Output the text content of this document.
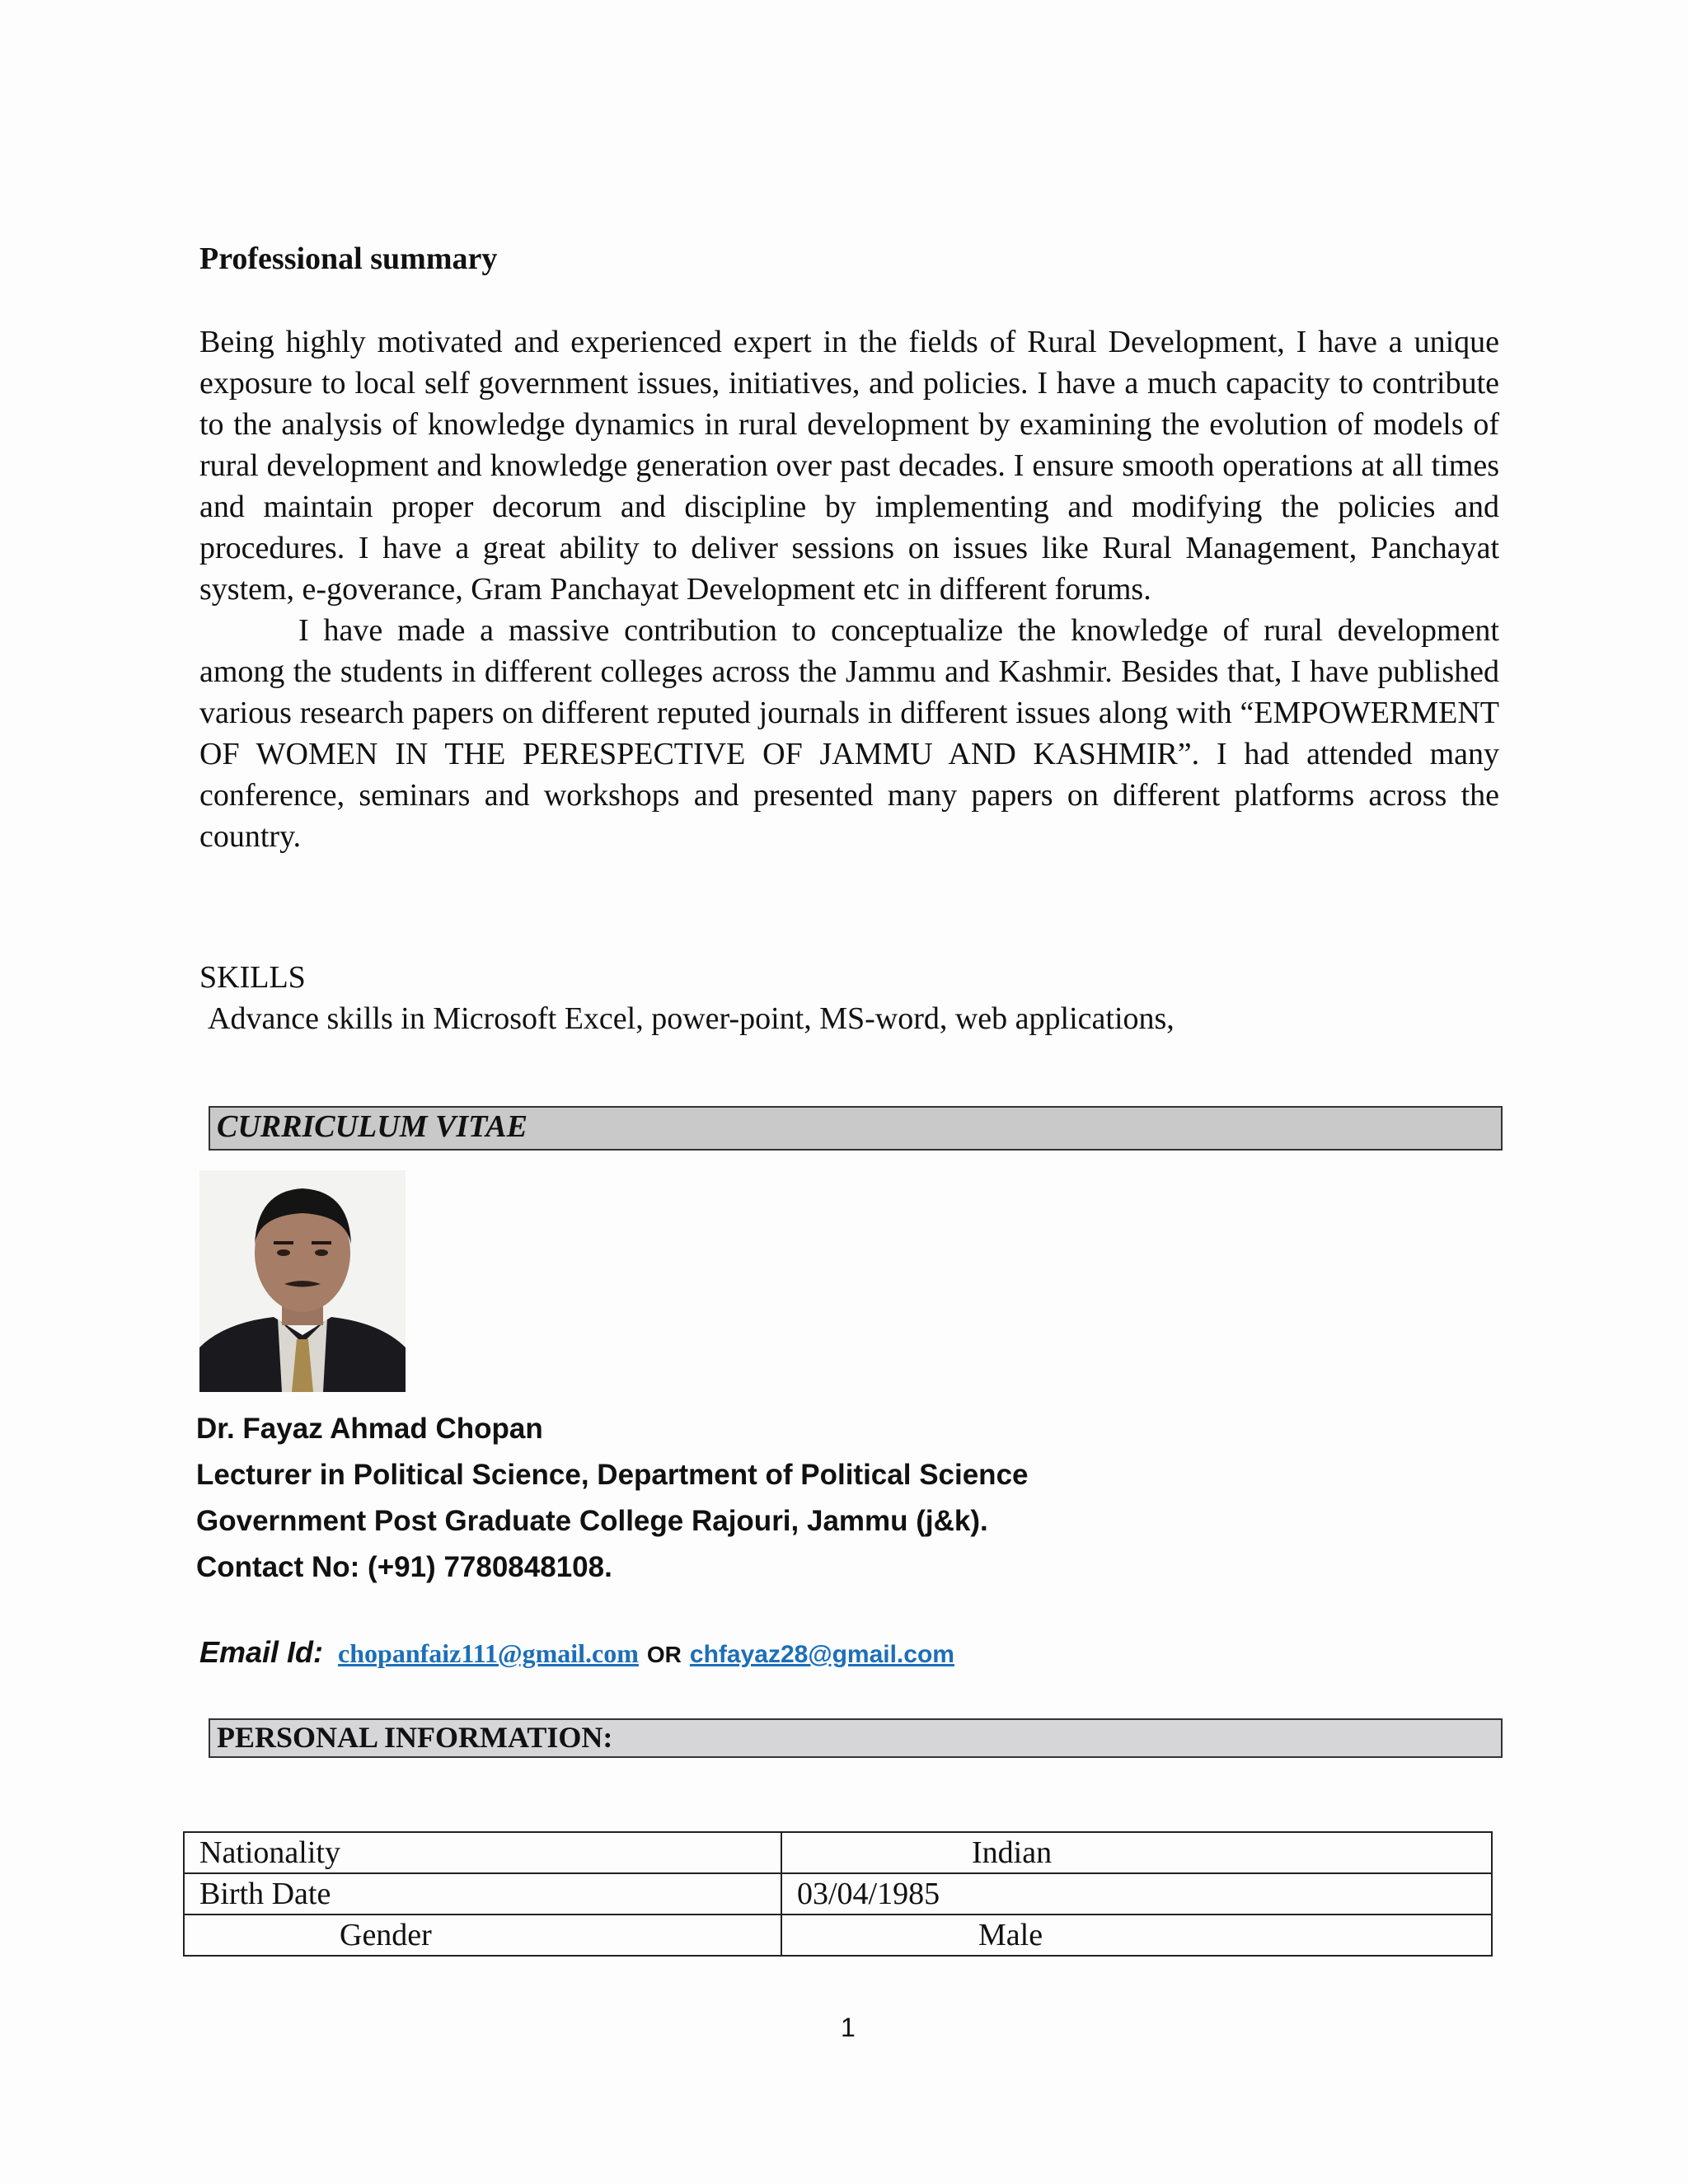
Professional summary

Being highly motivated and experienced expert in the fields of Rural Development, I have a unique exposure to local self government issues, initiatives, and policies. I have a much capacity to contribute to the analysis of knowledge dynamics in rural development by examining the evolution of models of rural development and knowledge generation over past decades. I ensure smooth operations at all times and maintain proper decorum and discipline by implementing and modifying the policies and procedures. I have a great ability to deliver sessions on issues like Rural Management, Panchayat system, e-goverance, Gram Panchayat Development etc in different forums.

I have made a massive contribution to conceptualize the knowledge of rural development among the students in different colleges across the Jammu and Kashmir. Besides that, I have published various research papers on different reputed journals in different issues along with “EMPOWERMENT OF WOMEN IN THE PERESPECTIVE OF JAMMU AND KASHMIR”. I had attended many conference, seminars and workshops and presented many papers on different platforms across the country.

SKILLS
Advance skills in Microsoft Excel, power-point, MS-word, web applications,
CURRICULUM VITAE
Dr. Fayaz Ahmad Chopan
Lecturer in Political Science, Department of Political Science
Government Post Graduate College Rajouri, Jammu (j&k).
Contact No: (+91) 7780848108.
Email Id: chopanfaiz111@gmail.com OR chfayaz28@gmail.com
PERSONAL INFORMATION:
Nationality	Indian
Birth Date	03/04/1985
Gender	Male
1
